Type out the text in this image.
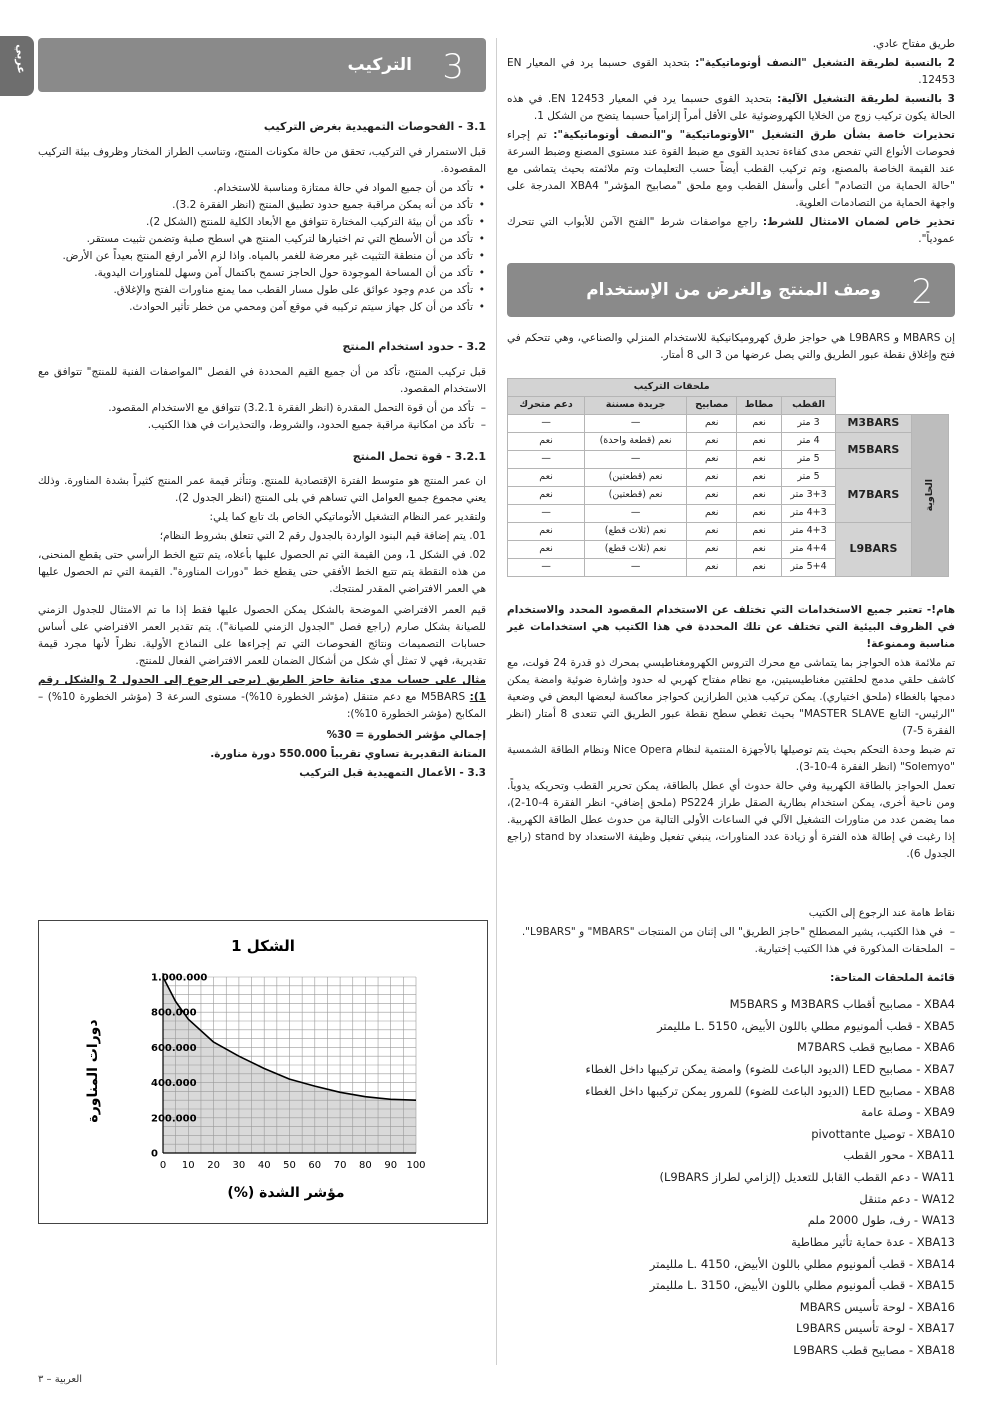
عربي	3
التركيب

3.1 - الفحوصات التمهيدية بغرض التركيب

قبل الاستمرار في التركيب، تحقق من حالة مكونات المنتج، وتناسب الطراز المختار وظروف بيئة التركيب المقصودة.

• تأكد من أن جميع المواد في حالة ممتازة ومناسبة للاستخدام.
• تأكد من أنه يمكن مراقبة جميع حدود تطبيق المنتج (انظر الفقرة 3.2).
• تأكد من أن بيئة التركيب المختارة تتوافق مع الأبعاد الكلية للمنتج (الشكل 2).
• تأكد من أن الأسطح التي تم اختيارها لتركيب المنتج هي اسطح صلبة وتضمن تثبيت مستقر.
• تأكد من أن منطقة التثبيت غير معرضة للغمر بالمياه. واذا لزم الأمر ارفع المنتج بعيداً عن الأرض.
• تأكد من أن المساحة الموجودة حول الحاجز تسمح باكتمال آمن وسهل للمناورات اليدوية.
• تأكد من عدم وجود عوائق على طول مسار القطب مما يمنع مناورات الفتح والإغلاق.
• تأكد من أن كل جهاز سيتم تركيبه في موقع آمن ومحمي من خطر تأثير الحوادث.

3.2 - حدود استخدام المنتج

قبل تركيب المنتج، تأكد من أن جميع القيم المحددة في الفصل "المواصفات الفنية للمنتج" تتوافق مع الاستخدام المقصود.

– تأكد من أن قوة التحمل المقدرة (انظر الفقرة 3.2.1) تتوافق مع الاستخدام المقصود.
– تأكد من امكانية مراقبة جميع الحدود، والشروط، والتحذيرات في هذا الكتيب.

3.2.1 - قوة تحمل المنتج

ان عمر المنتج هو متوسط الفترة الإقتصادية للمنتج. وتتأثر قيمة عمر المنتج كثيراً بشدة المناورة. وذلك يعني مجموع جميع العوامل التي تساهم في بلى المنتج (انظر الجدول 2).

ولتقدير عمر النظام التشغيل الأتوماتيكي الخاص بك تابع كما يلي:

01. يتم إضافة قيم البنود الواردة بالجدول رقم 2 التي تتعلق بشروط النظام؛

02. في الشكل 1، ومن القيمة التي تم الحصول عليها بأعلاه، يتم تتبع الخط الرأسي حتى يقطع المنحنى، من هذه النقطة يتم تتبع الخط الأفقي حتى يقطع خط "دورات المناورة". القيمة التي تم الحصول عليها هي العمر الافتراضي المقدر لمنتجك.

قيم العمر الافتراضي الموضحة بالشكل يمكن الحصول عليها فقط إذا ما تم الامتثال للجدول الزمني للصيانة بشكل صارم (راجع فصل "الجدول الزمني للصيانة"). يتم تقدير العمر الافتراضي على أساس حسابات التصميمات ونتائج الفحوصات التي تم إجراءها على النماذج الأولية. نظراً لأنها مجرد قيمة تقديرية، فهي لا تمثل أي شكل من أشكال الضمان للعمر الافتراضي الفعال للمنتج.

مثال على حساب مدى متانة حاجز الطريق (يرجى الرجوع إلى الجدول 2 والشكل رقم 1): M5BARS مع دعم متنقل (مؤشر الخطورة 10%)- مستوى السرعة 3 (مؤشر الخطورة 10%) – المكابح (مؤشر الخطورة 10%):

إجمالي مؤشر الخطورة = 30%

المتانة التقديرية تساوي تقريباً 550.000 دورة مناورة.

3.3 - الأعمال التمهيدية قبل التركيب

الشكل 1
مؤشر الشدة (%)
دورات المناورة
0 10 20 30 40 50 60 70 80 90 100
0
200.000
400.000
600.000
800.000
1.000.000

طريق مفتاح عادي.

2 بالنسبة لطريقة التشغيل "النصف أوتوماتيكية": بتحديد القوى حسبما يرد في المعيار EN 12453.

3 بالنسبة لطريقة التشغيل الآلية: بتحديد القوى حسبما يرد في المعيار EN 12453. في هذه الحالة يكون تركيب زوج من الخلايا الكهروضوئية على الأقل أمراً إلزامياً حسبما يتضح من الشكل 1.

تحذيرات خاصة بشأن طرق التشغيل "الأوتوماتيكية" و"النصف أوتوماتيكية": تم إجراء فحوصات الأنواع التي تفحص مدى كفاءة تحديد القوى مع ضبط القوة عند مستوى المصنع وضبط السرعة عند القيمة الخاصة بالمصنع، وتم تركيب القطب أيضاً حسب التعليمات وتم ملائمته بحيث يتماشى مع "حالة الحماية من التصادم" أعلى وأسفل القطب ومع ملحق "مصابيح المؤشر" XBA4 المدرجة على واجهة الحماية من التصادمات العلوية.

تحذير خاص لضمان الامتثال للشرط: راجع مواصفات شرط "الفتح الآمن للأبواب التي تتحرك عمودياً".

2
وصف المنتج والغرض من الإستخدام

إن MBARS و L9BARS هي حواجز طرق كهروميكانيكية للاستخدام المنزلي والصناعي، وهي تتحكم في فتح وإغلاق نقطة عبور الطريق والتي يصل عرضها من 3 الى 8 أمتار.

		ملحقات التركيب				
		القطب	مطاط	مصابيح	جريدة مسننة	دعم متحرك
الحاوية	M3BARS	3 متر	نعم	نعم	—	—
	M5BARS	4 متر	نعم	نعم	نعم (قطعة واحدة)	نعم
		5 متر	نعم	نعم	—	—
	M7BARS	5 متر	نعم	نعم	نعم (قطعتين)	نعم
		3+3 متر	نعم	نعم	نعم (قطعتين)	نعم
		4+3 متر	نعم	نعم	—	—
	L9BARS	4+3 متر	نعم	نعم	نعم (ثلاث قطع)	نعم
		4+4 متر	نعم	نعم	نعم (ثلاث قطع)	نعم
		5+4 متر	نعم	نعم	—	—

هام!- تعتبر جميع الاستخدامات التي تختلف عن الاستخدام المقصود المحدد والاستخدام في الظروف البيئية التي تختلف عن تلك المحددة في هذا الكتيب هي استخدامات غير مناسبة وممنوعة!

تم ملائمة هذه الحواجز بما يتماشى مع محرك التروس الكهرومغناطيسي بمحرك ذو قدرة 24 فولت، مع كاشف حلقي مدمج لحلقتين مغناطيسيتين، مع نظام مفتاح كهربي له حدود وإشارة ضوئية وامضة يمكن دمجها بالغطاء (ملحق اختياري). يمكن تركيب هذين الطرازين كحواجز معاكسة لبعضها البعض في وضعية "الرئيس- التابع MASTER SLAVE" بحيث تغطي سطح نقطة عبور الطريق التي تتعدى 8 أمتار (انظر الفقرة 5-7)

تم ضبط وحدة التحكم بحيث يتم توصيلها بالأجهزة المنتمية لنظام Nice Opera ونظام الطاقة الشمسية "Solemyo" (انظر الفقرة 4-10-3).

تعمل الحواجز بالطاقة الكهربية وفي حالة حدوث أي عطل بالطاقة، يمكن تحرير القطب وتحريكه يدوياً. ومن ناحية أخرى، يمكن استخدام بطارية الصقل طراز PS224 (ملحق إضافي- انظر الفقرة 4-10-2)، مما يضمن عدد من مناورات التشغيل الآلي في الساعات الأولى التالية من حدوث عطل الطاقة الكهربية. إذا رغبت في إطالة هذه الفترة أو زيادة عدد المناورات، ينبغي تفعيل وظيفة الاستعداد stand by (راجع الجدول 6).

نقاط هامة عند الرجوع إلى الكتيب

– في هذا الكتيب، يشير المصطلح "حاجز الطريق" الى إثنان من المنتجات "MBARS" و "L9BARS".
– الملحقات المذكورة في هذا الكتيب إختيارية.

قائمة الملحقات المتاحة:

XBA4 - مصابيح أقطاب M3BARS و M5BARS
XBA5 - قطب ألمونيوم مطلي باللون الأبيض، L. 5150 ملليمتر
XBA6 - مصابيح قطب M7BARS
XBA7 - مصابيح LED (الديود الباعث للضوء) وامضة يمكن تركيبها داخل الغطاء
XBA8 - مصابيح LED (الديود الباعث للضوء) للمرور يمكن تركيبها داخل الغطاء
XBA9 - وصلة عامة
XBA10 - توصيل pivottante
XBA11 - محور القطب
WA11 - دعم القطب القابل للتعديل (إلزامي لطراز L9BARS)
WA12 - دعم متنقل
WA13 - رف، طول 2000 ملم
XBA13 - عدة حماية تأثير مطاطية
XBA14 - قطب ألمونيوم مطلي باللون الأبيض، L. 4150 ملليمتر
XBA15 - قطب ألمونيوم مطلي باللون الأبيض، L. 3150 ملليمتر
XBA16 - لوحة تأسيس MBARS
XBA17 - لوحة تأسيس L9BARS
XBA18 - مصابيح قطب L9BARS
العربية – ٣
